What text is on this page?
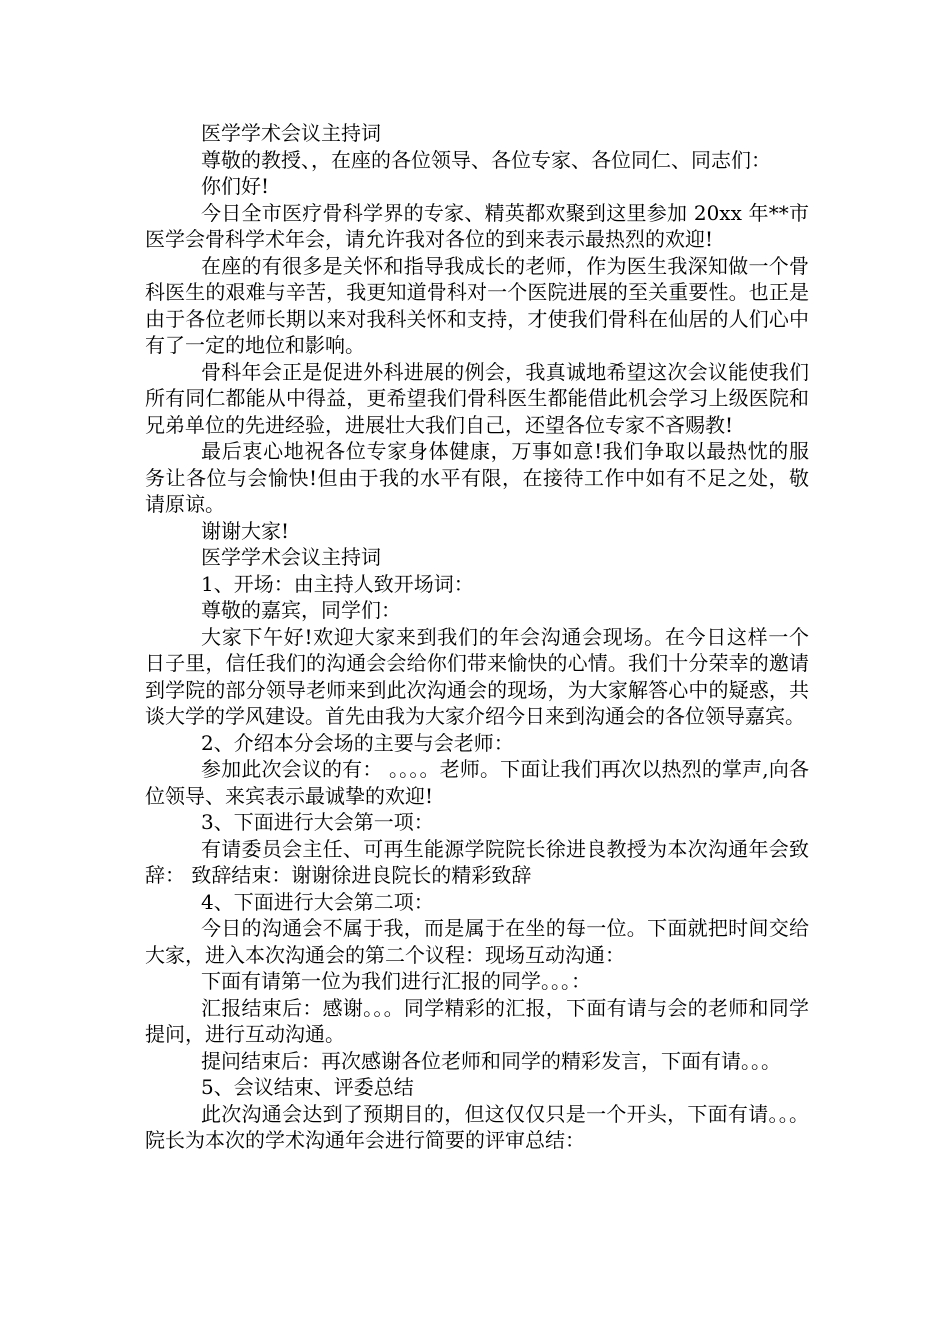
医学学术会议主持词

尊敬的教授、，在座的各位领导、各位专家、各位同仁、同志们：

你们好!

今日全市医疗骨科学界的专家、精英都欢聚到这里参加 20xx 年**市医学会骨科学术年会，请允许我对各位的到来表示最热烈的欢迎!

在座的有很多是关怀和指导我成长的老师，作为医生我深知做一个骨科医生的艰难与辛苦，我更知道骨科对一个医院进展的至关重要性。也正是由于各位老师长期以来对我科关怀和支持，才使我们骨科在仙居的人们心中有了一定的地位和影响。

骨科年会正是促进外科进展的例会，我真诚地希望这次会议能使我们所有同仁都能从中得益，更希望我们骨科医生都能借此机会学习上级医院和兄弟单位的先进经验，进展壮大我们自己，还望各位专家不吝赐教!

最后衷心地祝各位专家身体健康，万事如意!我们争取以最热忱的服务让各位与会愉快!但由于我的水平有限，在接待工作中如有不足之处，敬请原谅。

谢谢大家!

医学学术会议主持词

1、开场：由主持人致开场词：

尊敬的嘉宾，同学们：

大家下午好!欢迎大家来到我们的年会沟通会现场。在今日这样一个日子里，信任我们的沟通会会给你们带来愉快的心情。我们十分荣幸的邀请到学院的部分领导老师来到此次沟通会的现场，为大家解答心中的疑惑，共谈大学的学风建设。首先由我为大家介绍今日来到沟通会的各位领导嘉宾。

2、介绍本分会场的主要与会老师：

参加此次会议的有： 。。。。老师。下面让我们再次以热烈的掌声,向各位领导、来宾表示最诚挚的欢迎!

3、下面进行大会第一项：

有请委员会主任、可再生能源学院院长徐进良教授为本次沟通年会致辞： 致辞结束：谢谢徐进良院长的精彩致辞

4、下面进行大会第二项：

今日的沟通会不属于我，而是属于在坐的每一位。下面就把时间交给大家，进入本次沟通会的第二个议程：现场互动沟通：

下面有请第一位为我们进行汇报的同学。。。：

汇报结束后：感谢。。。同学精彩的汇报，下面有请与会的老师和同学提问，进行互动沟通。

提问结束后：再次感谢各位老师和同学的精彩发言，下面有请。。。

5、会议结束、评委总结

此次沟通会达到了预期目的，但这仅仅只是一个开头，下面有请。。。院长为本次的学术沟通年会进行简要的评审总结：
